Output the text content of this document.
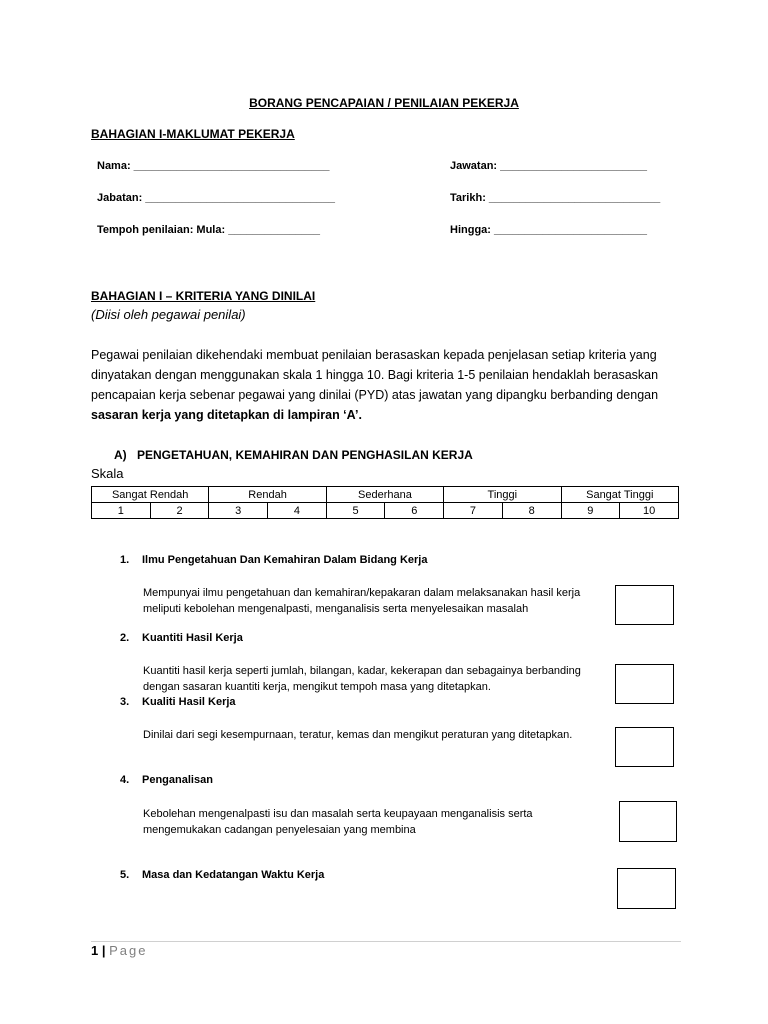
BORANG PENCAPAIAN / PENILAIAN PEKERJA
BAHAGIAN I-MAKLUMAT PEKERJA
Nama: ________________________________	Jawatan: ________________________
Jabatan: _______________________________	Tarikh: ____________________________
Tempoh penilaian: Mula: _______________	Hingga: _________________________
BAHAGIAN I – KRITERIA YANG DINILAI
(Diisi oleh pegawai penilai)
Pegawai penilaian dikehendaki membuat penilaian berasaskan kepada penjelasan setiap kriteria yang dinyatakan dengan menggunakan skala 1 hingga 10. Bagi kriteria 1-5 penilaian hendaklah berasaskan pencapaian kerja sebenar pegawai yang dinilai (PYD) atas jawatan yang dipangku berbanding dengan sasaran kerja yang ditetapkan di lampiran ‘A’.
A) PENGETAHUAN, KEMAHIRAN DAN PENGHASILAN KERJA
Skala
Sangat Rendah		Rendah		Sederhana		Tinggi		Sangat Tinggi	
1	2	3	4	5	6	7	8	9	10
1. Ilmu Pengetahuan Dan Kemahiran Dalam Bidang Kerja
Mempunyai ilmu pengetahuan dan kemahiran/kepakaran dalam melaksanakan hasil kerja meliputi kebolehan mengenalpasti, menganalisis serta menyelesaikan masalah
2. Kuantiti Hasil Kerja
Kuantiti hasil kerja seperti jumlah, bilangan, kadar, kekerapan dan sebagainya berbanding dengan sasaran kuantiti kerja, mengikut tempoh masa yang ditetapkan.
3. Kualiti Hasil Kerja
Dinilai dari segi kesempurnaan, teratur, kemas dan mengikut peraturan yang ditetapkan.
4. Penganalisan
Kebolehan mengenalpasti isu dan masalah serta keupayaan menganalisis serta mengemukakan cadangan penyelesaian yang membina
5. Masa dan Kedatangan Waktu Kerja
1 | Page
